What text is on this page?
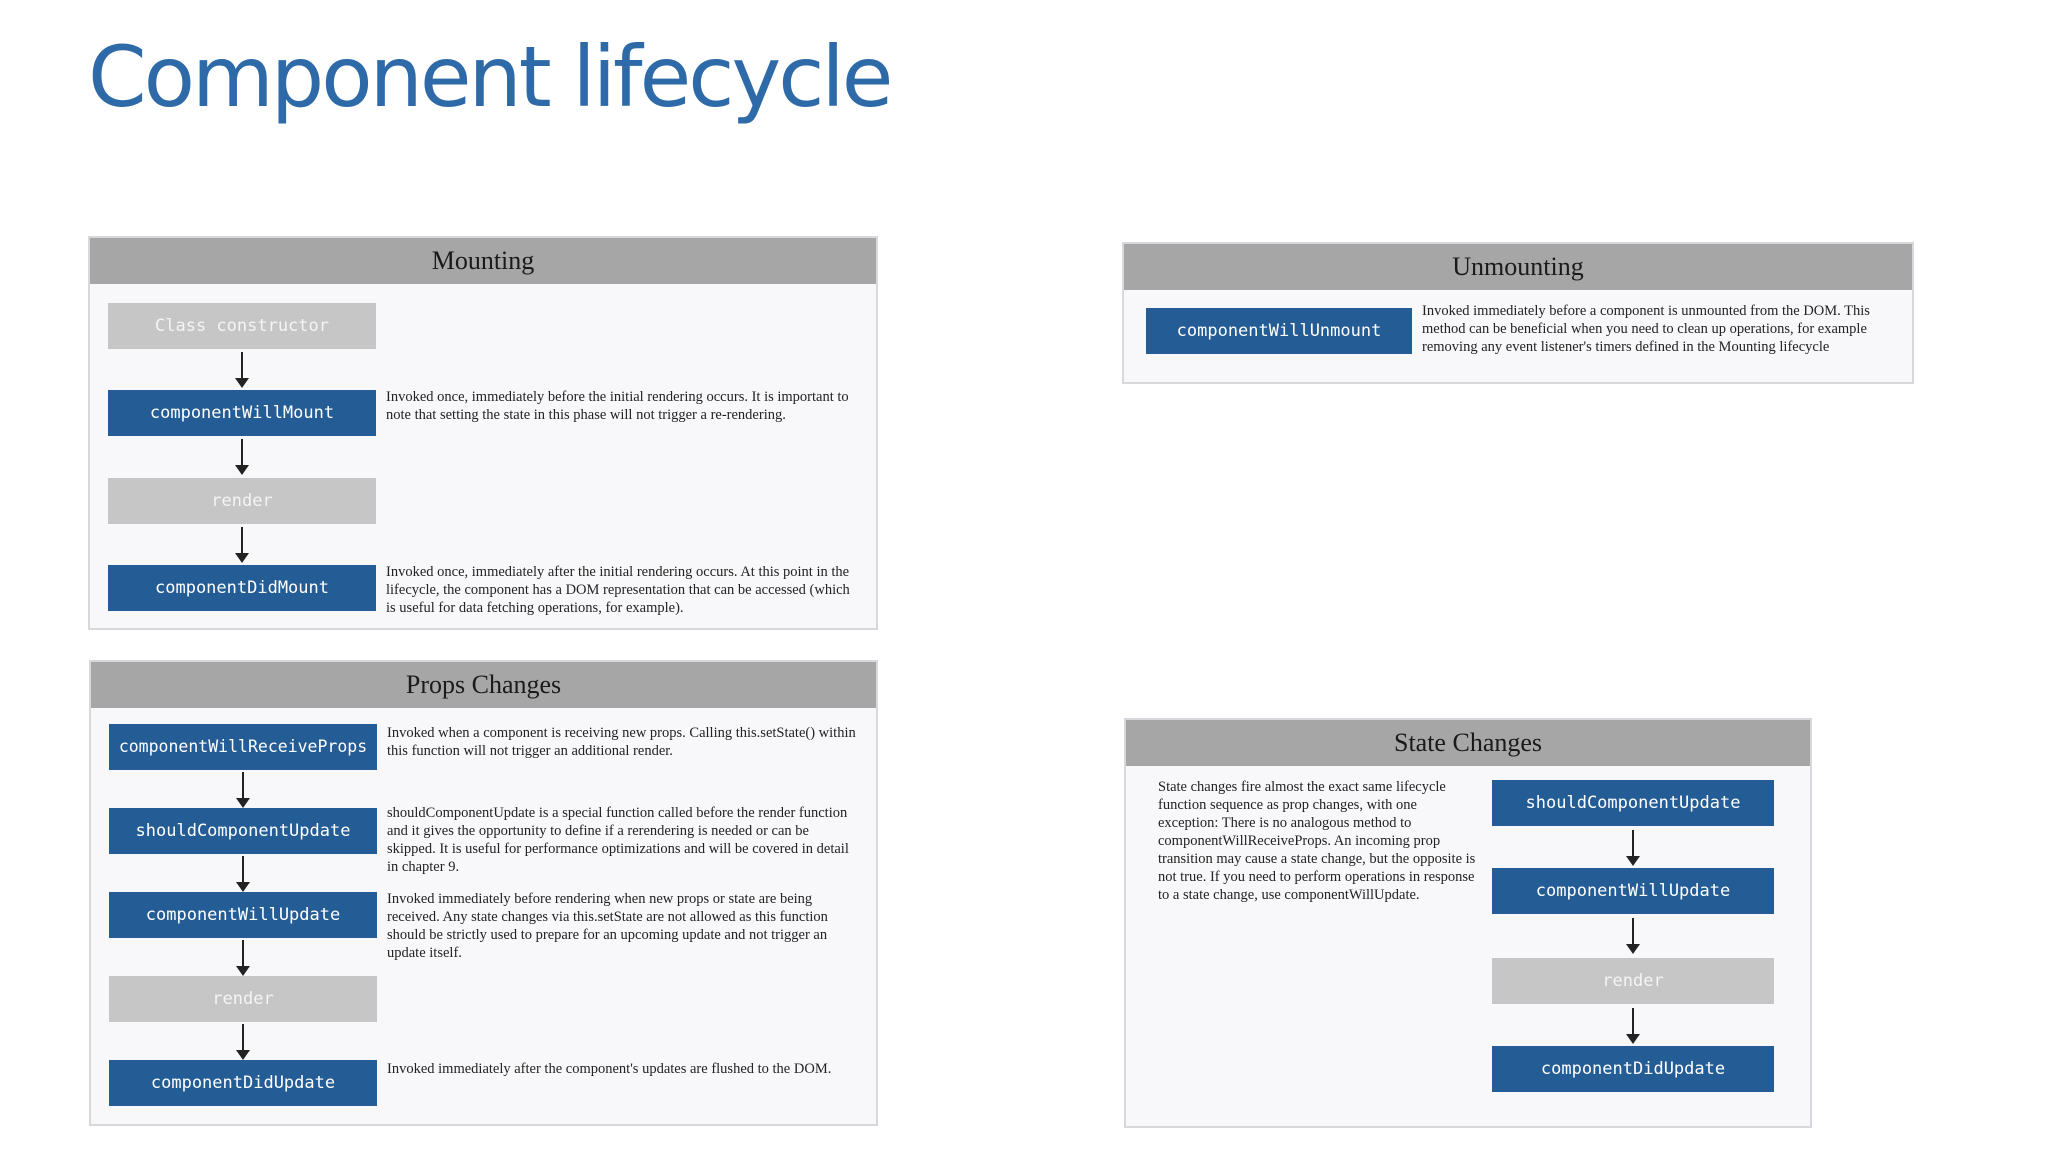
Component lifecycle
Mounting
Class constructor
componentWillMount

Invoked once, immediately before the initial rendering occurs. It is important to note that setting the state in this phase will not trigger a re-rendering.

render
componentDidMount

Invoked once, immediately after the initial rendering occurs. At this point in the lifecycle, the component has a DOM representation that can be accessed (which is useful for data fetching operations, for example).

Unmounting
componentWillUnmount

Invoked immediately before a component is unmounted from the DOM. This method can be beneficial when you need to clean up operations, for example removing any event listener's timers defined in the Mounting lifecycle

Props Changes
componentWillReceiveProps

Invoked when a component is receiving new props. Calling this.setState() within this function will not trigger an additional render.

shouldComponentUpdate

shouldComponentUpdate is a special function called before the render function and it gives the opportunity to define if a rerendering is needed or can be skipped. It is useful for performance optimizations and will be covered in detail in chapter 9.

componentWillUpdate

Invoked immediately before rendering when new props or state are being received. Any state changes via this.setState are not allowed as this function should be strictly used to prepare for an upcoming update and not trigger an update itself.

render
componentDidUpdate

Invoked immediately after the component's updates are flushed to the DOM.

State Changes

State changes fire almost the exact same lifecycle function sequence as prop changes, with one exception: There is no analogous method to componentWillReceiveProps. An incoming prop transition may cause a state change, but the opposite is not true. If you need to perform operations in response to a state change, use componentWillUpdate.

shouldComponentUpdate
componentWillUpdate
render
componentDidUpdate
